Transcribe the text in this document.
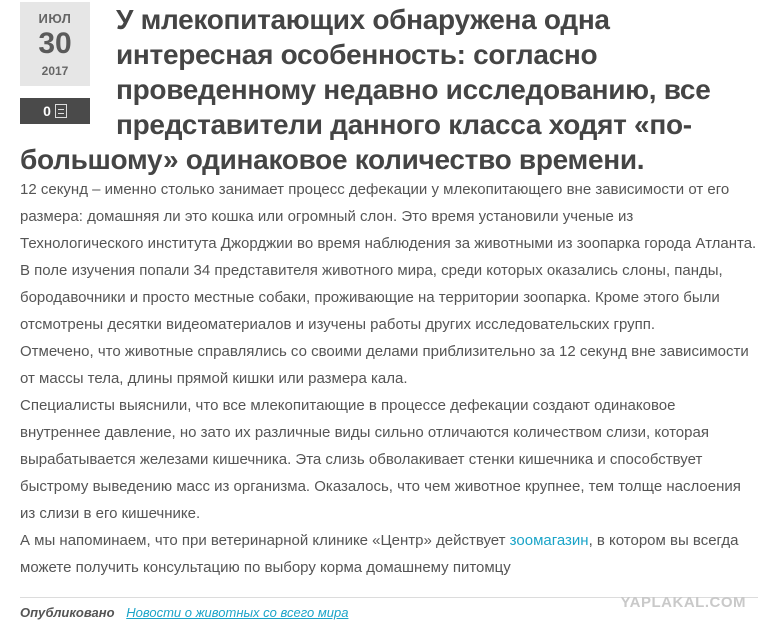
ИЮЛ
30
2017
0
У млекопитающих обнаружена одна интересная особенность: согласно проведенному недавно исследованию, все представители данного класса ходят «по-большому» одинаковое количество времени.

12 секунд – именно столько занимает процесс дефекации у млекопитающего вне зависимости от его размера: домашняя ли это кошка или огромный слон. Это время установили ученые из Технологического института Джорджии во время наблюдения за животными из зоопарка города Атланта. В поле изучения попали 34 представителя животного мира, среди которых оказались слоны, панды, бородавочники и просто местные собаки, проживающие на территории зоопарка. Кроме этого были отсмотрены десятки видеоматериалов и изучены работы других исследовательских групп.

Отмечено, что животные справлялись со своими делами приблизительно за 12 секунд вне зависимости от массы тела, длины прямой кишки или размера кала.

Специалисты выяснили, что все млекопитающие в процессе дефекации создают одинаковое внутреннее давление, но зато их различные виды сильно отличаются количеством слизи, которая вырабатывается железами кишечника. Эта слизь обволакивает стенки кишечника и способствует быстрому выведению масс из организма. Оказалось, что чем животное крупнее, тем толще наслоения из слизи в его кишечнике.

А мы напоминаем, что при ветеринарной клинике «Центр» действует зоомагазин, в котором вы всегда можете получить консультацию по выбору корма домашнему питомцу

Опубликовано Новости о животных со всего мира
YAPLAKAL.COM
